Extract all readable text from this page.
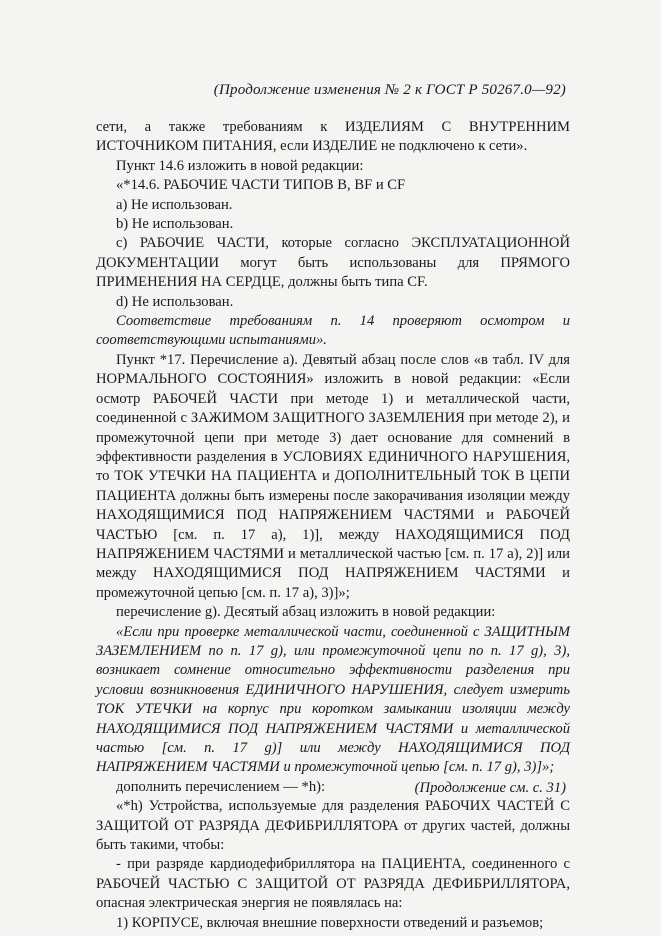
(Продолжение изменения № 2 к ГОСТ Р 50267.0—92)

сети, а также требованиям к ИЗДЕЛИЯМ С ВНУТРЕННИМ ИСТОЧНИКОМ ПИТАНИЯ, если ИЗДЕЛИЕ не подключено к сети».

Пункт 14.6 изложить в новой редакции:

«*14.6. РАБОЧИЕ ЧАСТИ ТИПОВ В, BF и CF

а) Не использован.

b) Не использован.

с) РАБОЧИЕ ЧАСТИ, которые согласно ЭКСПЛУАТАЦИОННОЙ ДОКУМЕНТАЦИИ могут быть использованы для ПРЯМОГО ПРИМЕНЕНИЯ НА СЕРДЦЕ, должны быть типа CF.

d) Не использован.

Соответствие требованиям п. 14 проверяют осмотром и соответствующими испытаниями».

Пункт *17. Перечисление а). Девятый абзац после слов «в табл. IV для НОРМАЛЬНОГО СОСТОЯНИЯ» изложить в новой редакции: «Если осмотр РАБОЧЕЙ ЧАСТИ при методе 1) и металлической части, соединенной с ЗАЖИМОМ ЗАЩИТНОГО ЗАЗЕМЛЕНИЯ при методе 2), и промежуточной цепи при методе 3) дает основание для сомнений в эффективности разделения в УСЛОВИЯХ ЕДИНИЧНОГО НАРУШЕНИЯ, то ТОК УТЕЧКИ НА ПАЦИЕНТА и ДОПОЛНИТЕЛЬНЫЙ ТОК В ЦЕПИ ПАЦИЕНТА должны быть измерены после закорачивания изоляции между НАХОДЯЩИМИСЯ ПОД НАПРЯЖЕНИЕМ ЧАСТЯМИ и РАБОЧЕЙ ЧАСТЬЮ [см. п. 17 а), 1)], между НАХОДЯЩИМИСЯ ПОД НАПРЯЖЕНИЕМ ЧАСТЯМИ и металлической частью [см. п. 17 а), 2)] или между НАХОДЯЩИМИСЯ ПОД НАПРЯЖЕНИЕМ ЧАСТЯМИ и промежуточной цепью [см. п. 17 а), 3)]»;

перечисление g). Десятый абзац изложить в новой редакции:

«Если при проверке металлической части, соединенной с ЗАЩИТНЫМ ЗАЗЕМЛЕНИЕМ по п. 17 g), или промежуточной цепи по п. 17 g), 3), возникает сомнение относительно эффективности разделения при условии возникновения ЕДИНИЧНОГО НАРУШЕНИЯ, следует измерить ТОК УТЕЧКИ на корпус при коротком замыкании изоляции между НАХОДЯЩИМИСЯ ПОД НАПРЯЖЕНИЕМ ЧАСТЯМИ и металлической частью [см. п. 17 g)] или между НАХОДЯЩИМИСЯ ПОД НАПРЯЖЕНИЕМ ЧАСТЯМИ и промежуточной цепью [см. п. 17 g), 3)]»;

дополнить перечислением — *h):

«*h) Устройства, используемые для разделения РАБОЧИХ ЧАСТЕЙ С ЗАЩИТОЙ ОТ РАЗРЯДА ДЕФИБРИЛЛЯТОРА от других частей, должны быть такими, чтобы:

- при разряде кардиодефибриллятора на ПАЦИЕНТА, соединенного с РАБОЧЕЙ ЧАСТЬЮ С ЗАЩИТОЙ ОТ РАЗРЯДА ДЕФИБРИЛЛЯТОРА, опасная электрическая энергия не появлялась на:

1) КОРПУСЕ, включая внешние поверхности отведений и разъемов;

(Продолжение см. с. 31)
